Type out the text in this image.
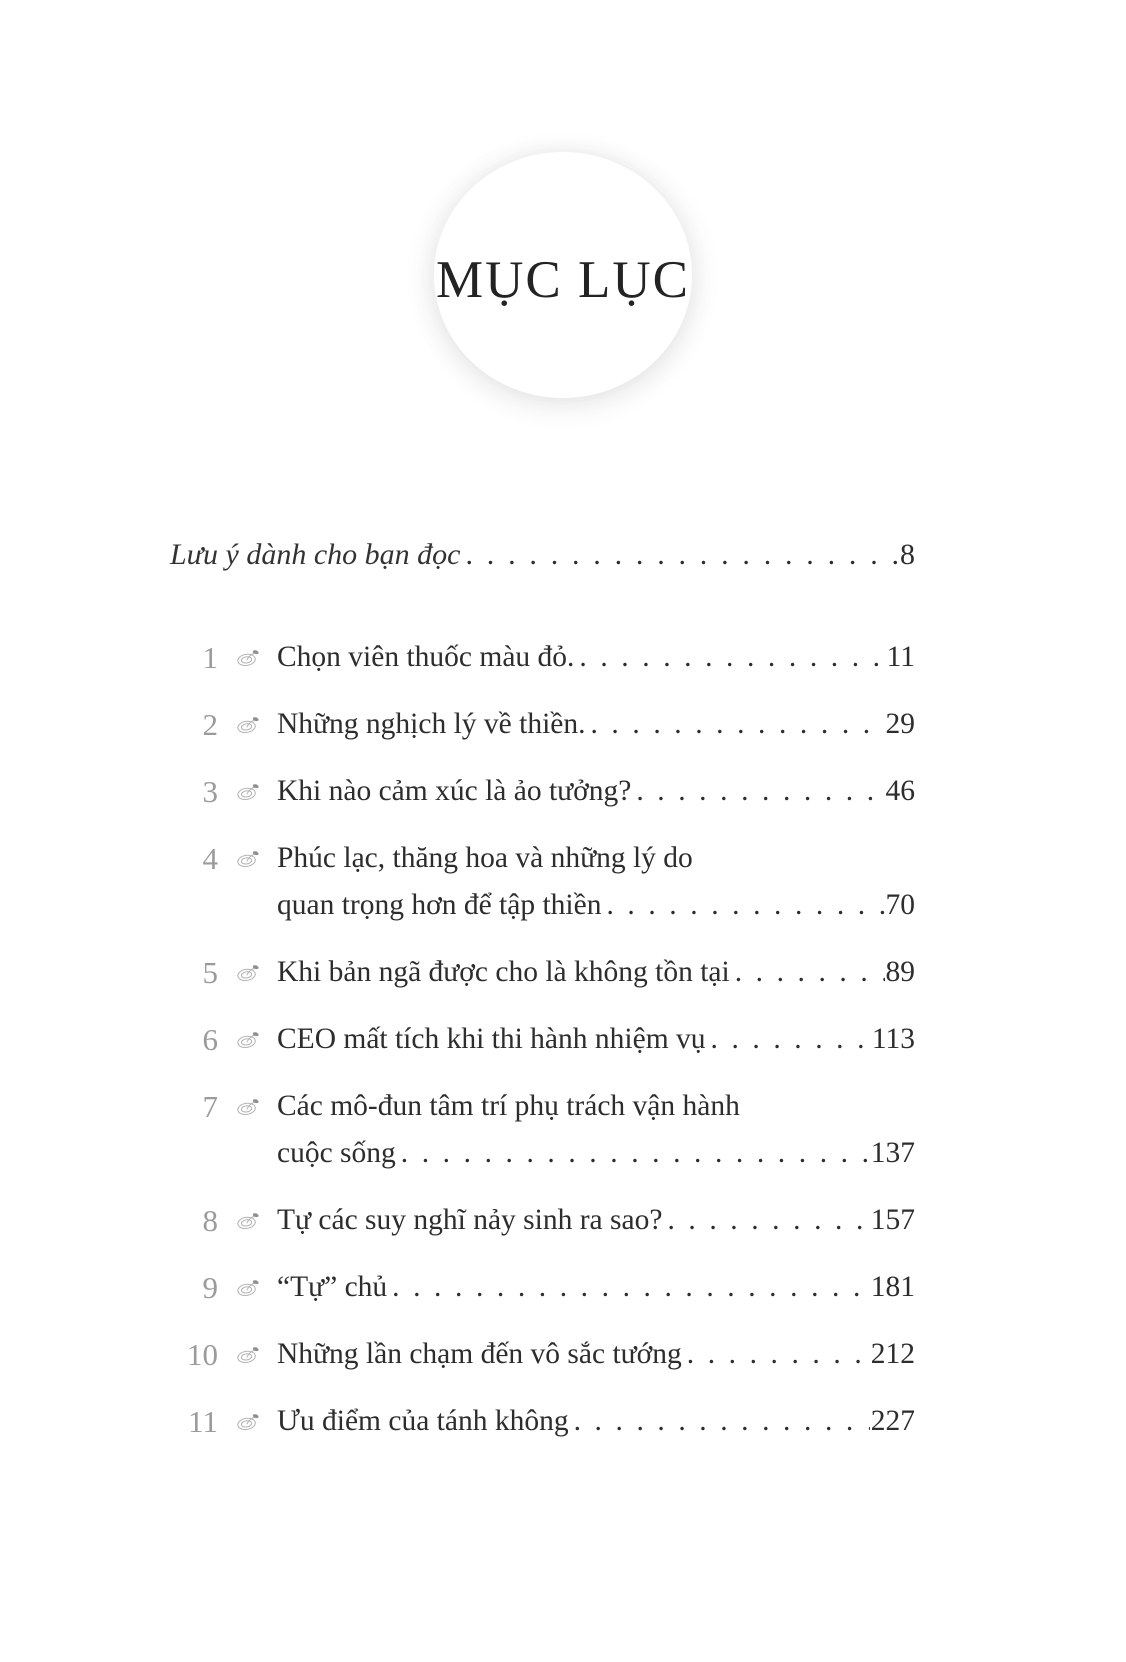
MỤC LỤC
Lưu ý dành cho bạn đọc .....	8
1 Chọn viên thuốc màu đỏ. .....	11
2 Những nghịch lý về thiền. .....	29
3 Khi nào cảm xúc là ảo tưởng? .....	46
4 Phúc lạc, thăng hoa và những lý do
quan trọng hơn để tập thiền .....	70
5 Khi bản ngã được cho là không tồn tại .....	89
6 CEO mất tích khi thi hành nhiệm vụ .....	113
7 Các mô-đun tâm trí phụ trách vận hành
cuộc sống .....	137
8 Tự các suy nghĩ nảy sinh ra sao? .....	157
9 “Tự” chủ .....	181
10 Những lần chạm đến vô sắc tướng .....	212
11 Ưu điểm của tánh không .....	227
